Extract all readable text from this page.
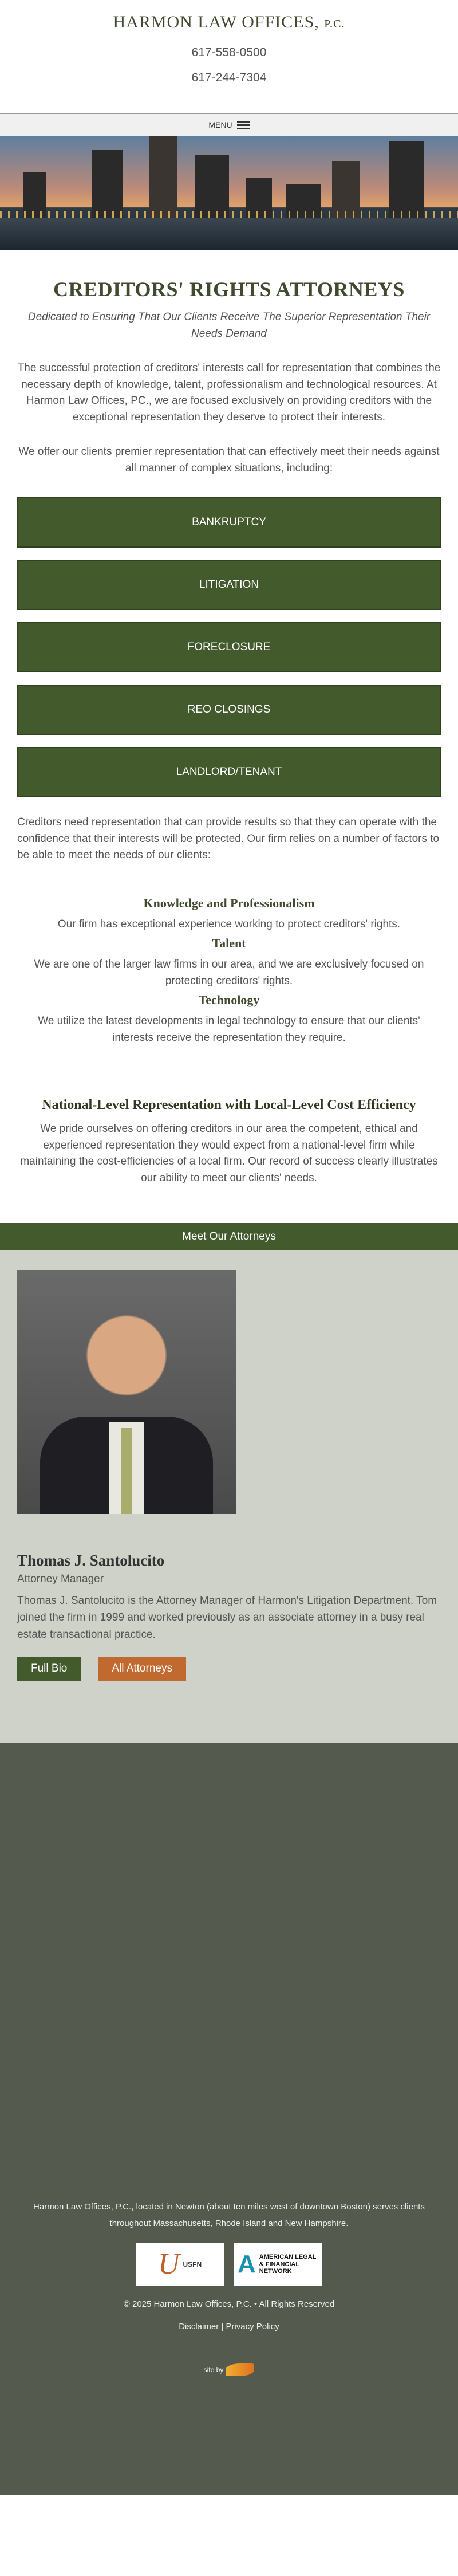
HARMON LAW OFFICES, P.C.
617-558-0500
617-244-7304
MENU
CREDITORS' RIGHTS ATTORNEYS

Dedicated to Ensuring That Our Clients Receive The Superior Representation Their Needs Demand

The successful protection of creditors' interests call for representation that combines the necessary depth of knowledge, talent, professionalism and technological resources. At Harmon Law Offices, PC., we are focused exclusively on providing creditors with the exceptional representation they deserve to protect their interests.

We offer our clients premier representation that can effectively meet their needs against all manner of complex situations, including:

BANKRUPTCY
LITIGATION
FORECLOSURE
REO CLOSINGS
LANDLORD/TENANT

Creditors need representation that can provide results so that they can operate with the confidence that their interests will be protected. Our firm relies on a number of factors to be able to meet the needs of our clients:

Knowledge and Professionalism

Our firm has exceptional experience working to protect creditors' rights.

Talent

We are one of the larger law firms in our area, and we are exclusively focused on protecting creditors' rights.

Technology

We utilize the latest developments in legal technology to ensure that our clients' interests receive the representation they require.

National-Level Representation with Local-Level Cost Efficiency

We pride ourselves on offering creditors in our area the competent, ethical and experienced representation they would expect from a national-level firm while maintaining the cost-efficiencies of a local firm. Our record of success clearly illustrates our ability to meet our clients' needs.

Meet Our Attorneys
Thomas J. Santolucito

Attorney Manager

Thomas J. Santolucito is the Attorney Manager of Harmon's Litigation Department. Tom joined the firm in 1999 and worked previously as an associate attorney in a busy real estate transactional practice.

Full Bio	All Attorneys

Harmon Law Offices, P.C., located in Newton (about ten miles west of downtown Boston) serves clients throughout Massachusetts, Rhode Island and New Hampshire.

U USFN A AMERICAN LEGAL & FINANCIAL NETWORK

© 2025 Harmon Law Offices, P.C. • All Rights Reserved

Disclaimer | Privacy Policy

site by
